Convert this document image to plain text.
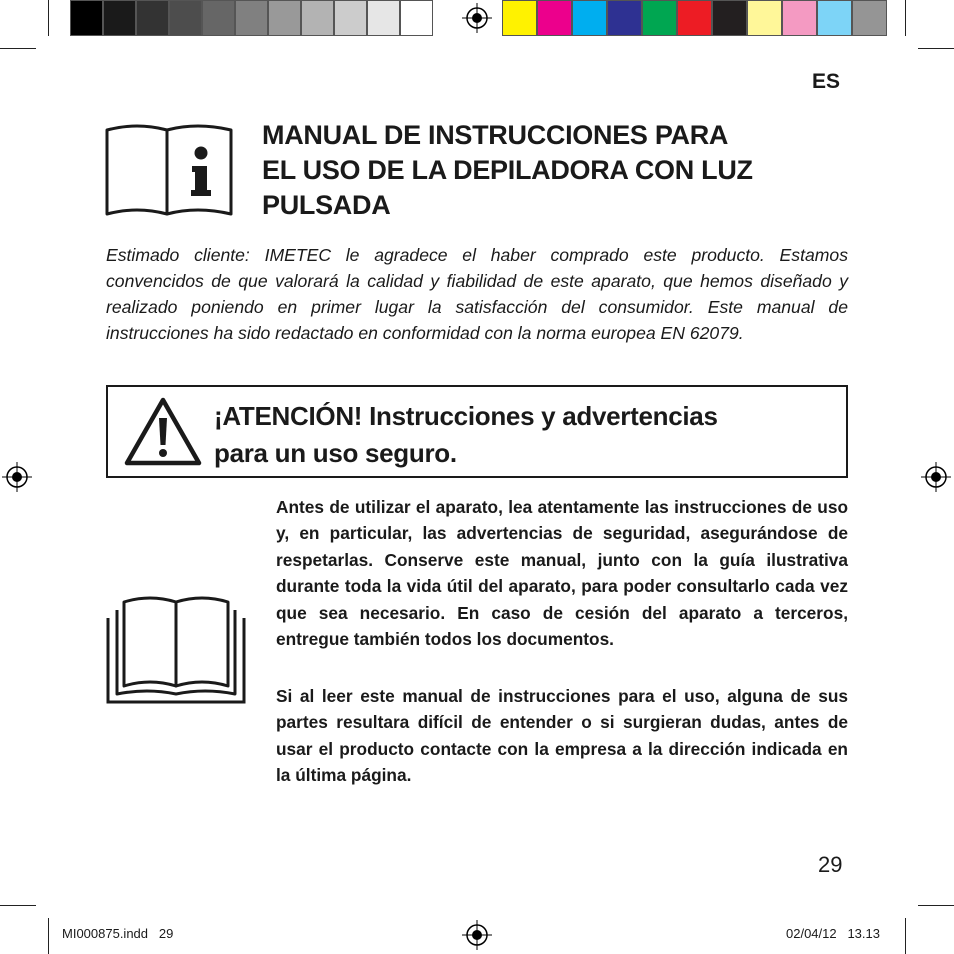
ES
MANUAL DE INSTRUCCIONES PARA
EL USO DE LA DEPILADORA CON LUZ
PULSADA
Estimado cliente: IMETEC le agradece el haber comprado este producto. Estamos convencidos de que valorará la calidad y fiabilidad de este aparato, que hemos diseñado y realizado poniendo en primer lugar la satisfacción del consumidor. Este manual de instrucciones ha sido redactado en conformidad con la norma europea EN 62079.
¡ATENCIÓN! Instrucciones y advertencias
para un uso seguro.
Antes de utilizar el aparato, lea atentamente las instrucciones de uso y, en particular, las advertencias de seguridad, asegurándose de respetarlas. Conserve este manual, junto con la guía ilustrativa durante toda la vida útil del aparato, para poder consultarlo cada vez que sea necesario. En caso de cesión del aparato a terceros, entregue también todos los documentos.
Si al leer este manual de instrucciones para el uso, alguna de sus partes resultara difícil de entender o si surgieran dudas, antes de usar el producto contacte con la empresa a la dirección indicada en la última página.
29
MI000875.indd   29	02/04/12   13.13
